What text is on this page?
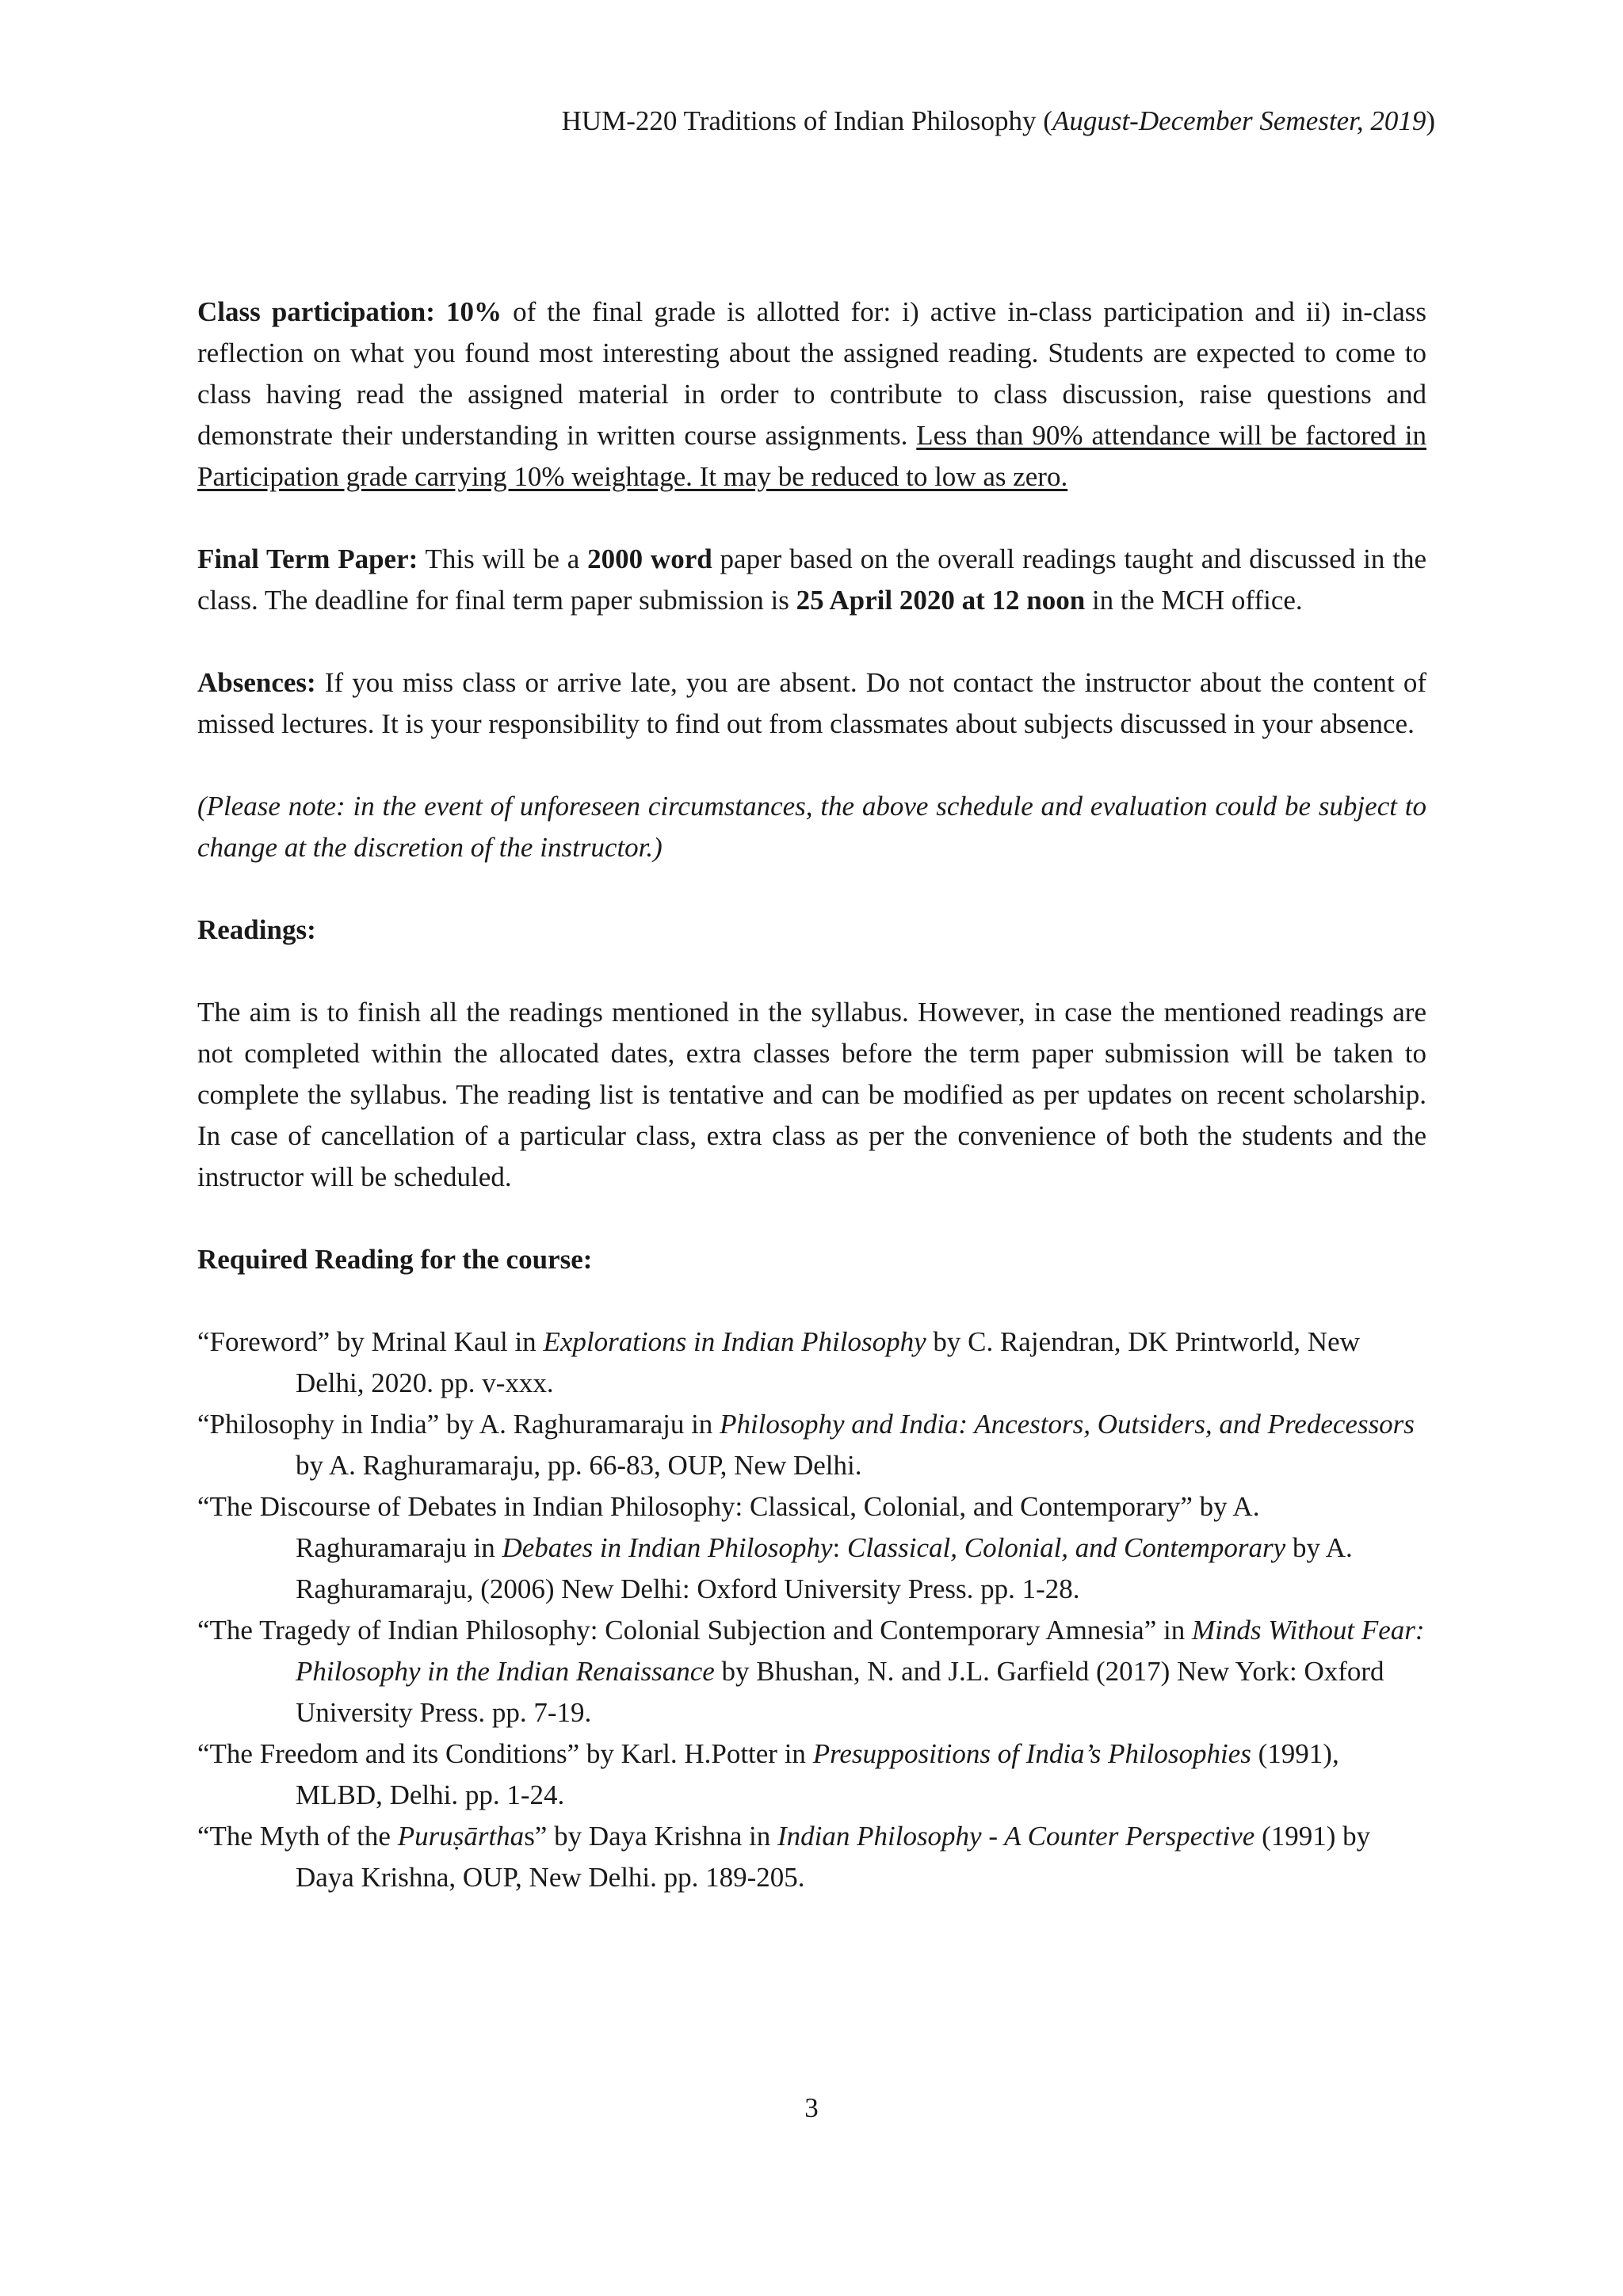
HUM-220 Traditions of Indian Philosophy (August-December Semester, 2019)

Class participation: 10% of the final grade is allotted for: i) active in-class participation and ii) in-class reflection on what you found most interesting about the assigned reading. Students are expected to come to class having read the assigned material in order to contribute to class discussion, raise questions and demonstrate their understanding in written course assignments. Less than 90% attendance will be factored in Participation grade carrying 10% weightage. It may be reduced to low as zero.

Final Term Paper: This will be a 2000 word paper based on the overall readings taught and discussed in the class. The deadline for final term paper submission is 25 April 2020 at 12 noon in the MCH office.

Absences: If you miss class or arrive late, you are absent. Do not contact the instructor about the content of missed lectures. It is your responsibility to find out from classmates about subjects discussed in your absence.

(Please note: in the event of unforeseen circumstances, the above schedule and evaluation could be subject to change at the discretion of the instructor.)

Readings:

The aim is to finish all the readings mentioned in the syllabus. However, in case the mentioned readings are not completed within the allocated dates, extra classes before the term paper submission will be taken to complete the syllabus. The reading list is tentative and can be modified as per updates on recent scholarship. In case of cancellation of a particular class, extra class as per the convenience of both the students and the instructor will be scheduled.

Required Reading for the course:

“Foreword” by Mrinal Kaul in Explorations in Indian Philosophy by C. Rajendran, DK Printworld, New Delhi, 2020. pp. v-xxx.

“Philosophy in India” by A. Raghuramaraju in Philosophy and India: Ancestors, Outsiders, and Predecessors by A. Raghuramaraju, pp. 66-83, OUP, New Delhi.

“The Discourse of Debates in Indian Philosophy: Classical, Colonial, and Contemporary” by A. Raghuramaraju in Debates in Indian Philosophy: Classical, Colonial, and Contemporary by A. Raghuramaraju, (2006) New Delhi: Oxford University Press. pp. 1-28.

“The Tragedy of Indian Philosophy: Colonial Subjection and Contemporary Amnesia” in Minds Without Fear: Philosophy in the Indian Renaissance by Bhushan, N. and J.L. Garfield (2017) New York: Oxford University Press. pp. 7-19.

“The Freedom and its Conditions” by Karl. H.Potter in Presuppositions of India’s Philosophies (1991), MLBD, Delhi. pp. 1-24.

“The Myth of the Puruṣārthas” by Daya Krishna in Indian Philosophy - A Counter Perspective (1991) by Daya Krishna, OUP, New Delhi. pp. 189-205.

3
